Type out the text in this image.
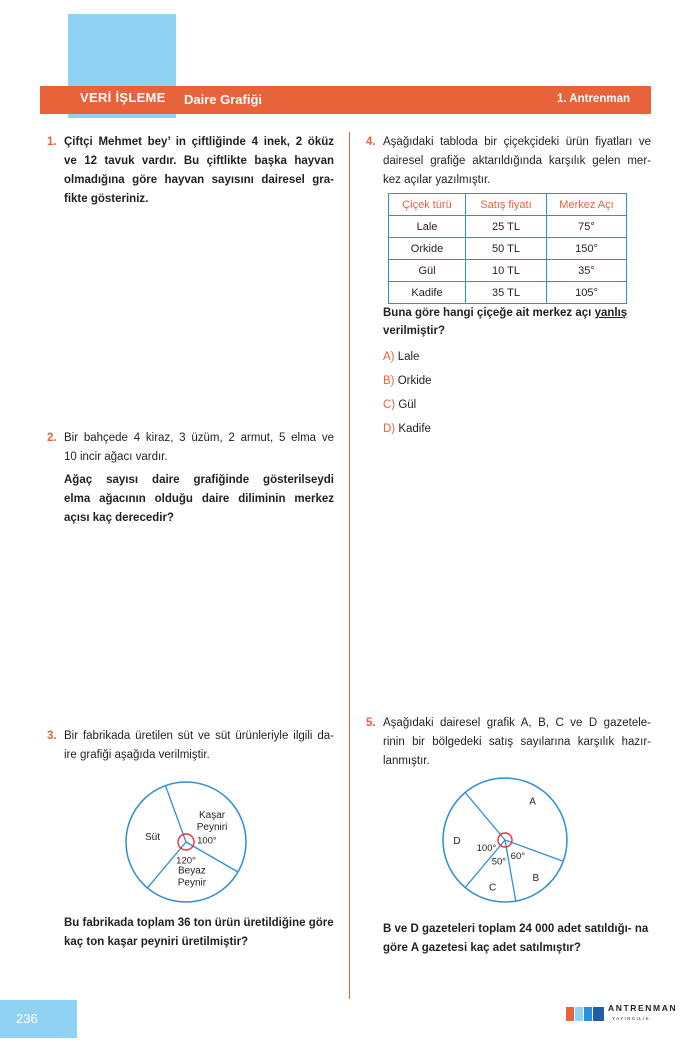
VERİ İŞLEME Daire Grafiği	1. Antrenman
1. Çiftçi Mehmet bey’ in çiftliğinde 4 inek, 2 öküz
ve 12 tavuk vardır. Bu çiftlikte başka hayvan
olmadığına göre hayvan sayısını dairesel gra-
fikte gösteriniz.
2. Bir bahçede 4 kiraz, 3 üzüm, 2 armut, 5 elma ve
10 incir ağacı vardır.
Ağaç sayısı daire grafiğinde gösterilseydi
elma ağacının olduğu daire diliminin merkez
açısı kaç derecedir?
3. Bir fabrikada üretilen süt ve süt ürünleriyle ilgili da-
ire grafiği aşağıda verilmiştir.
Kaşar Peyniri
Beyaz Peynir
Süt	100°
120°
Bu fabrikada toplam 36 ton ürün üretildiğine göre kaç ton kaşar peyniri üretilmiştir?
4. Aşağıdaki tabloda bir çiçekçideki ürün fiyatları ve
dairesel grafiğe aktarıldığında karşılık gelen mer-
kez açılar yazılmıştır.
Çiçek türü	Satış fiyatı	Merkez Açı
Lale	25 TL	75°
Orkide	50 TL	150°
Gül	10 TL	35°
Kadife	35 TL	105°
Buna göre hangi çiçeğe ait merkez açı yanlış
verilmiştir?
A) Lale
B) Orkide
C) Gül
D) Kadife
5. Aşağıdaki dairesel grafik A, B, C ve D gazetele-
rinin bir bölgedeki satış sayılarına karşılık hazır-
lanmıştır.
A
B
C
D
100°
60°
50°
B ve D gazeteleri toplam 24 000 adet satıldığı- na göre A gazetesi kaç adet satılmıştır?
236
ANTRENMAN
YAYINCILIK
